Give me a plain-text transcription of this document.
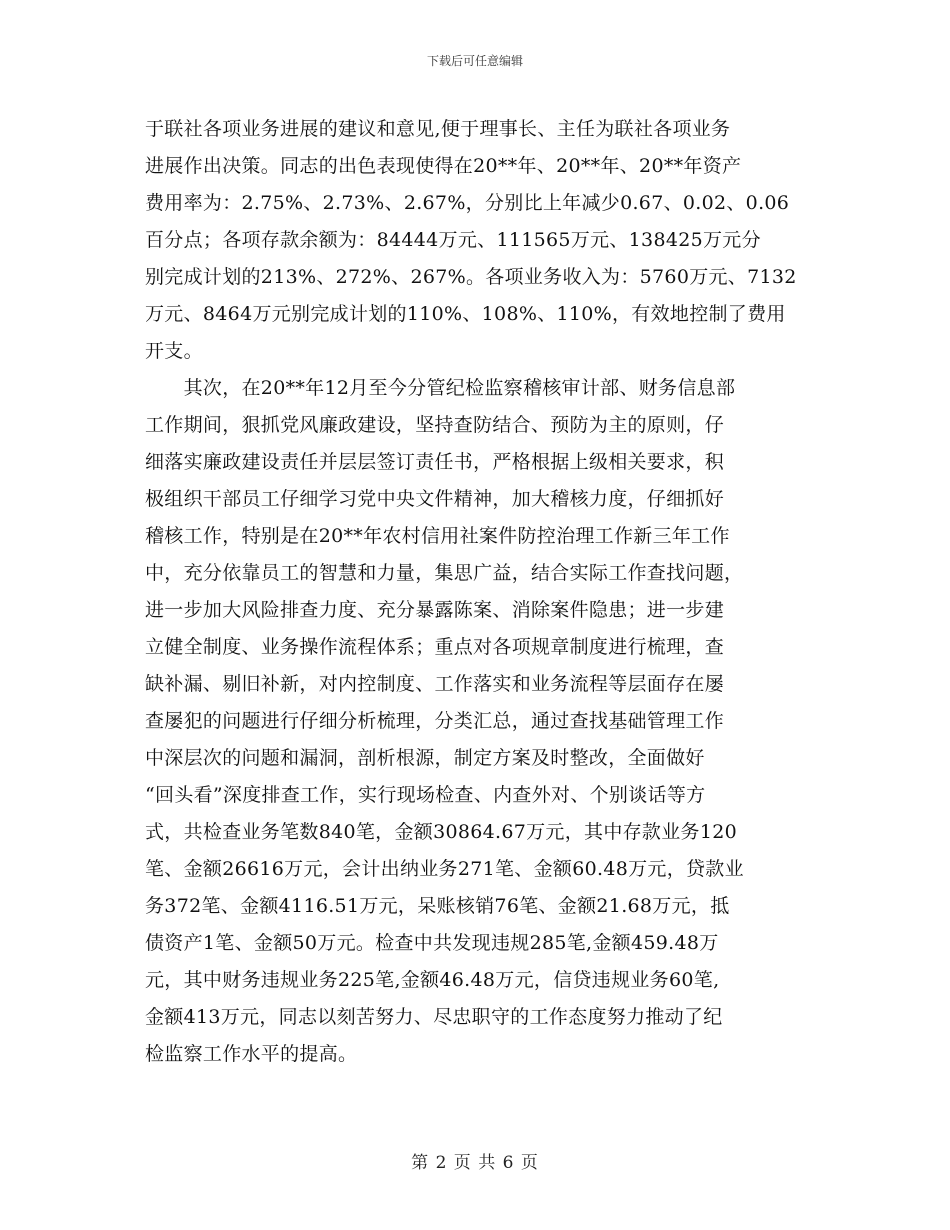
下载后可任意编辑
于联社各项业务进展的建议和意见,便于理事长、主任为联社各项业务
进展作出决策。同志的出色表现使得在20**年、20**年、20**年资产
费用率为：2.75%、2.73%、2.67%，分别比上年减少0.67、0.02、0.06
百分点；各项存款余额为：84444万元、111565万元、138425万元分
别完成计划的213%、272%、267%。各项业务收入为：5760万元、7132
万元、8464万元别完成计划的110%、108%、110%，有效地控制了费用
开支。
　　其次，在20**年12月至今分管纪检监察稽核审计部、财务信息部
工作期间，狠抓党风廉政建设，坚持查防结合、预防为主的原则，仔
细落实廉政建设责任并层层签订责任书，严格根据上级相关要求，积
极组织干部员工仔细学习党中央文件精神，加大稽核力度，仔细抓好
稽核工作，特别是在20**年农村信用社案件防控治理工作新三年工作
中，充分依靠员工的智慧和力量，集思广益，结合实际工作查找问题，
进一步加大风险排查力度、充分暴露陈案、消除案件隐患；进一步建
立健全制度、业务操作流程体系；重点对各项规章制度进行梳理，查
缺补漏、剔旧补新，对内控制度、工作落实和业务流程等层面存在屡
查屡犯的问题进行仔细分析梳理，分类汇总，通过查找基础管理工作
中深层次的问题和漏洞，剖析根源，制定方案及时整改，全面做好
“回头看”深度排查工作，实行现场检查、内查外对、个别谈话等方
式，共检查业务笔数840笔，金额30864.67万元，其中存款业务120
笔、金额26616万元，会计出纳业务271笔、金额60.48万元，贷款业
务372笔、金额4116.51万元，呆账核销76笔、金额21.68万元，抵
债资产1笔、金额50万元。检查中共发现违规285笔,金额459.48万
元，其中财务违规业务225笔,金额46.48万元，信贷违规业务60笔,
金额413万元，同志以刻苦努力、尽忠职守的工作态度努力推动了纪
检监察工作水平的提高。
第 2 页 共 6 页
